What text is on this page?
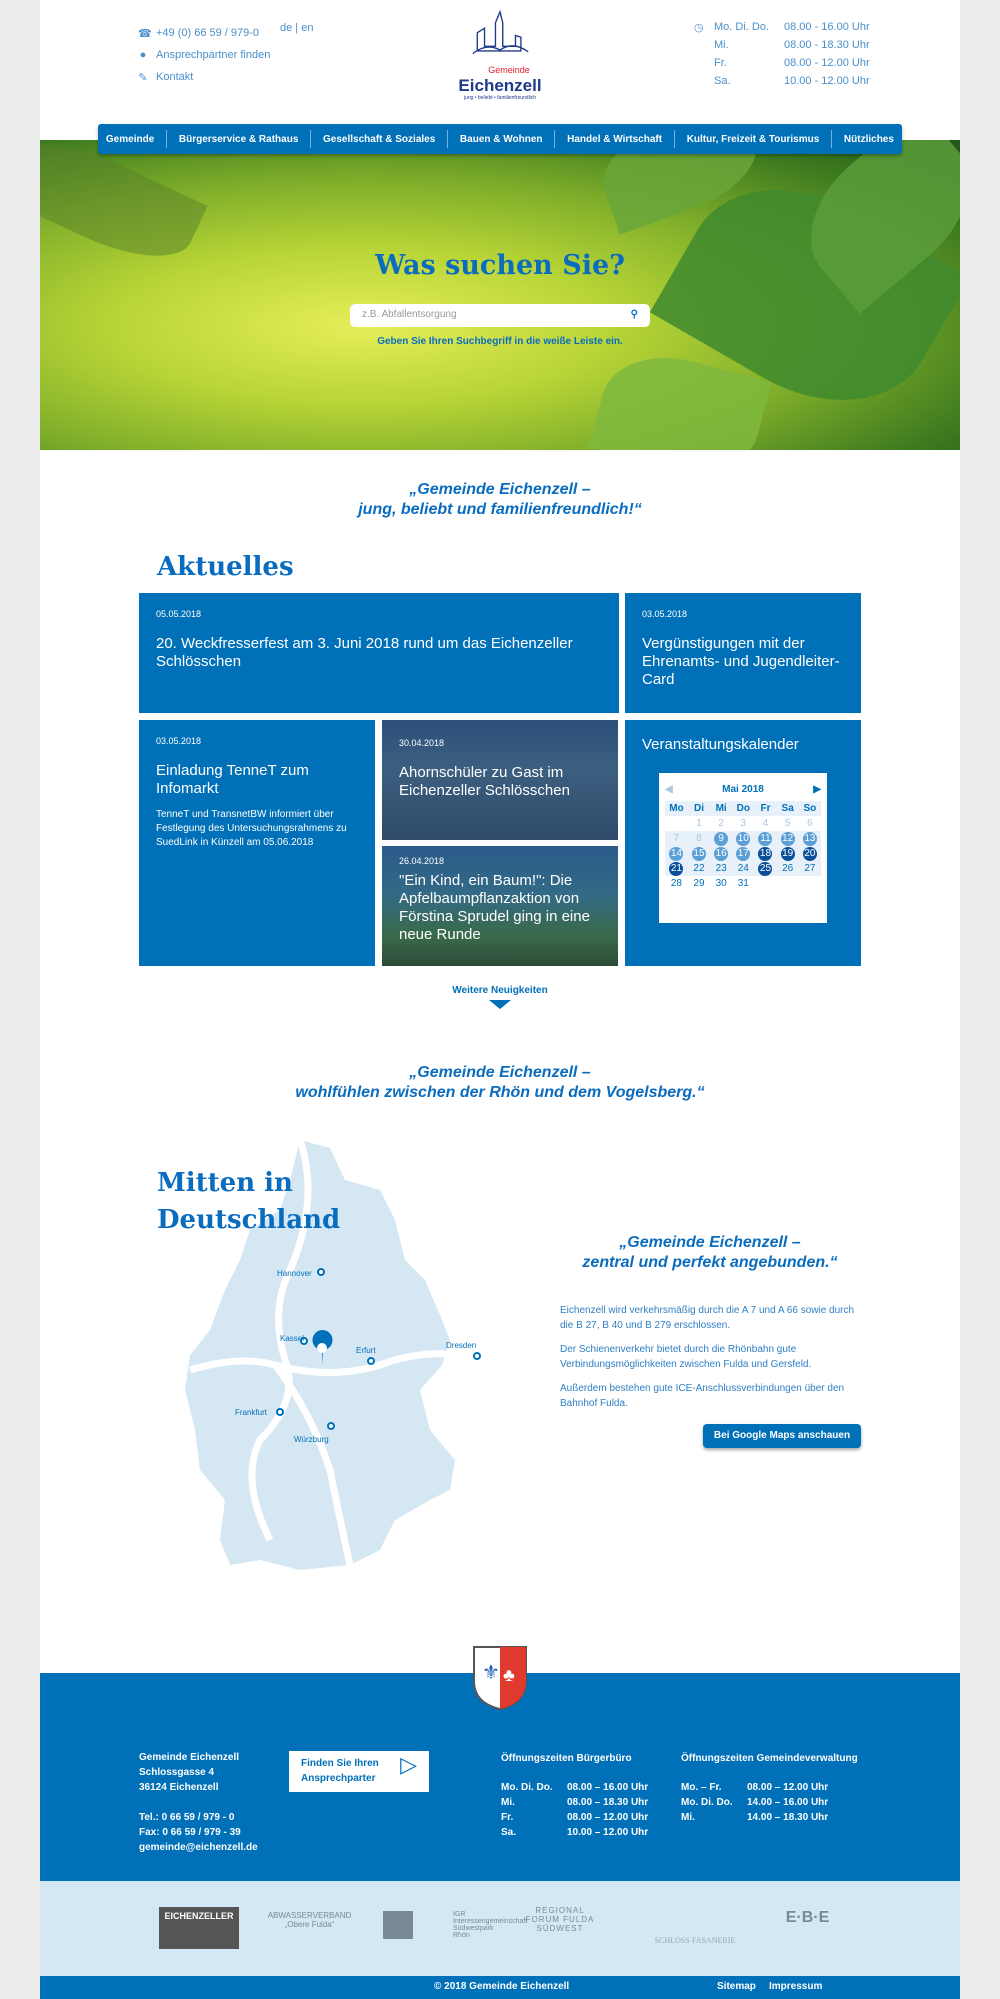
☎ +49 (0) 66 59 / 979-0
● Ansprechpartner finden
✎ Kontakt
de | en
Gemeinde
Eichenzell
jung • beliebt • familienfreundlich
◷ Mo. Di. Do.	08.00 - 16.00 Uhr
Mi.	08.00 - 18.30 Uhr
Fr.	08.00 - 12.00 Uhr
Sa.	10.00 - 12.00 Uhr
Gemeinde	Bürgerservice & Rathaus	Gesellschaft & Soziales	Bauen & Wohnen	Handel & Wirtschaft	Kultur, Freizeit & Tourismus	Nützliches
Was suchen Sie?
z.B. Abfallentsorgung	⚲
Geben Sie Ihren Suchbegriff in die weiße Leiste ein.
„Gemeinde Eichenzell –
jung, beliebt und familienfreundlich!“
Aktuelles
05.05.2018
20. Weckfresserfest am 3. Juni 2018 rund um das Eichenzeller Schlösschen
03.05.2018
Vergünstigungen mit der Ehrenamts- und Jugendleiter-Card
03.05.2018
Einladung TenneT zum Infomarkt
TenneT und TransnetBW informiert über Festlegung des Untersuchungsrahmens zu SuedLink in Künzell am 05.06.2018
30.04.2018
Ahornschüler zu Gast im Eichenzeller Schlösschen
26.04.2018
"Ein Kind, ein Baum!": Die Apfelbaumpflanzaktion von Förstina Sprudel ging in eine neue Runde
Veranstaltungskalender
◀	Mai 2018	▶
Mo	Di	Mi	Do	Fr	Sa	So
	1	2	3	4	5	6
7	8	9	10	11	12	13
14	15	16	17	18	19	20
21	22	23	24	25	26	27
28	29	30	31			
Weitere Neuigkeiten
„Gemeinde Eichenzell –
wohlfühlen zwischen der Rhön und dem Vogelsberg.“
Hannover
Kassel
Erfurt
Dresden
Frankfurt
Würzburg
Mitten in
Deutschland
„Gemeinde Eichenzell –
zentral und perfekt angebunden.“

Eichenzell wird verkehrsmäßig durch die A 7 und A 66 sowie durch die B 27, B 40 und B 279 erschlossen.

Der Schienenverkehr bietet durch die Rhönbahn gute Verbindungsmöglichkeiten zwischen Fulda und Gersfeld.

Außerdem bestehen gute ICE-Anschlussverbindungen über den Bahnhof Fulda.

Bei Google Maps anschauen
Gemeinde Eichenzell
Schlossgasse 4
36124 Eichenzell
Tel.: 0 66 59 / 979 - 0
Fax: 0 66 59 / 979 - 39
gemeinde@eichenzell.de
Finden Sie Ihren
Ansprechparter
▷	Öffnungszeiten Bürgerbüro
Mo. Di. Do.	08.00 – 16.00 Uhr
Mi.	08.00 – 18.30 Uhr
Fr.	08.00 – 12.00 Uhr
Sa.	10.00 – 12.00 Uhr
Öffnungszeiten Gemeindeverwaltung
Mo. – Fr.	08.00 – 12.00 Uhr
Mo. Di. Do.	14.00 – 16.00 Uhr
Mi.	14.00 – 18.30 Uhr
⚜ ♣
EICHENZELLER	ABWASSERVERBAND „Obere Fulda“
IGR Interessengemeinschaft Südwestpark Rhön
REGIONAL FORUM FULDA SÜDWEST
SCHLOSS FASANERIE
E·B·E
© 2018 Gemeinde Eichenzell	Sitemap Impressum
